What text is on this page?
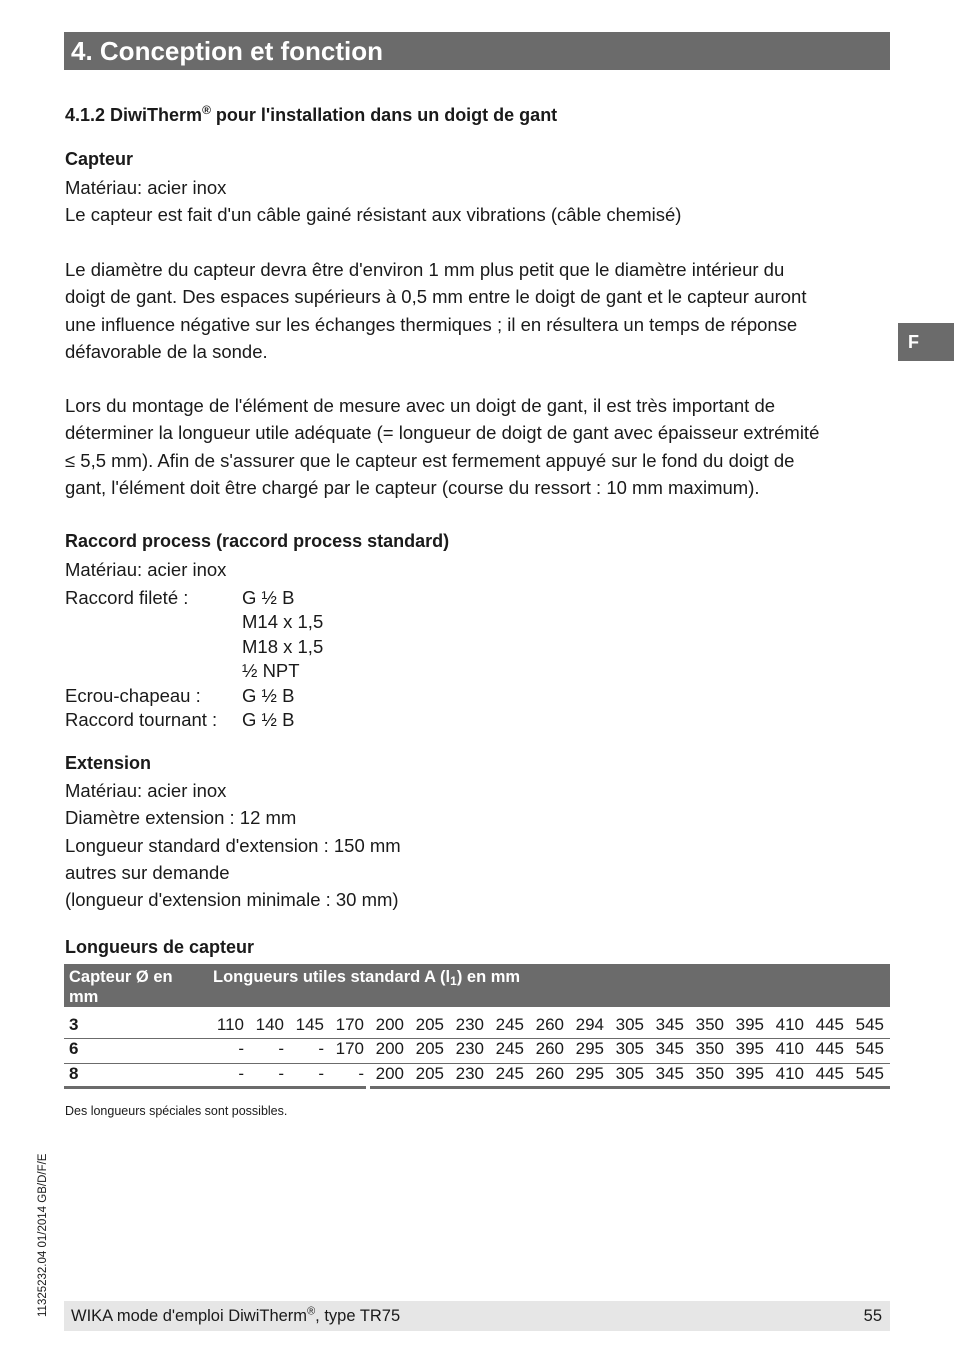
4. Conception et fonction
F
4.1.2 DiwiTherm® pour l'installation dans un doigt de gant
Capteur
Matériau: acier inox
Le capteur est fait d'un câble gainé résistant aux vibrations (câble chemisé)
Le diamètre du capteur devra être d'environ 1 mm plus petit que le diamètre intérieur du
doigt de gant. Des espaces supérieurs à 0,5 mm entre le doigt de gant et le capteur auront
une influence négative sur les échanges thermiques ; il en résultera un temps de réponse
défavorable de la sonde.
Lors du montage de l'élément de mesure avec un doigt de gant, il est très important de
déterminer la longueur utile adéquate (= longueur de doigt de gant avec épaisseur extrémité
≤ 5,5 mm). Afin de s'assurer que le capteur est fermement appuyé sur le fond du doigt de
gant, l'élément doit être chargé par le capteur (course du ressort : 10 mm maximum).
Raccord process (raccord process standard)
Matériau: acier inox
Raccord fileté :	G ½ B
M14 x 1,5
M18 x 1,5
½ NPT
Ecrou-chapeau : G ½ B
Raccord tournant : G ½ B
Extension
Matériau: acier inox
Diamètre extension : 12 mm
Longueur standard d'extension : 150 mm
autres sur demande
(longueur d'extension minimale : 30 mm)
Longueurs de capteur
Capteur Ø en mm
Longueurs utiles standard A $(l_1)$ en mm
3	110 140 145 170 200 205 230 245 260 294 305 345 350 395 410 445 545
6	-	-	- 170 200 205 230 245 260 295 305 345 350 395 410 445 545
8	-	-	-	- 200 205 230 245 260 295 305 345 350 395 410 445 545
Des longueurs spéciales sont possibles.
11325232.04 01/2014 GB/D/F/E WIKA mode d'emploi DiwiTherm®, type TR75	55
